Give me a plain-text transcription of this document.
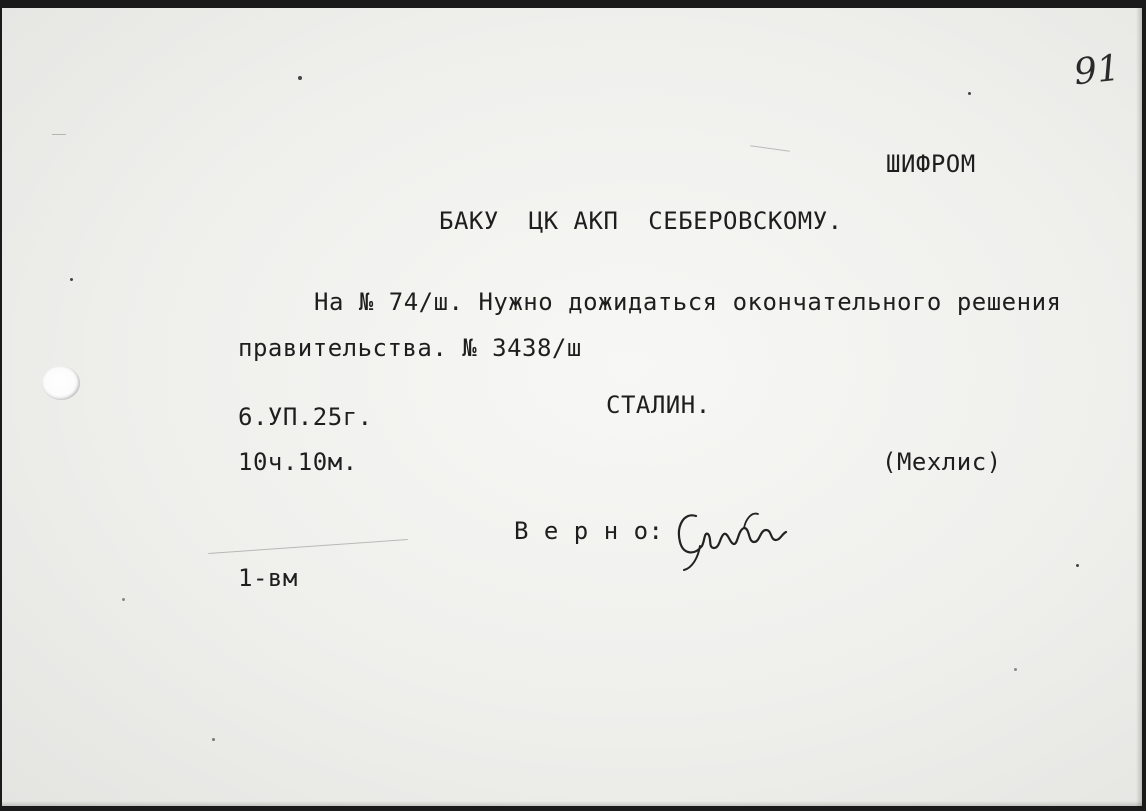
91
ШИФРОМ
БАКУ  ЦК АКП  СЕБЕРОВСКОМУ.
На № 74/ш. Нужно дожидаться окончательного решения
правительства. № 3438/ш
6.УП.25г.	СТАЛИН.
10ч.10м.	(Мехлис)
В е р н о:
1-вм
